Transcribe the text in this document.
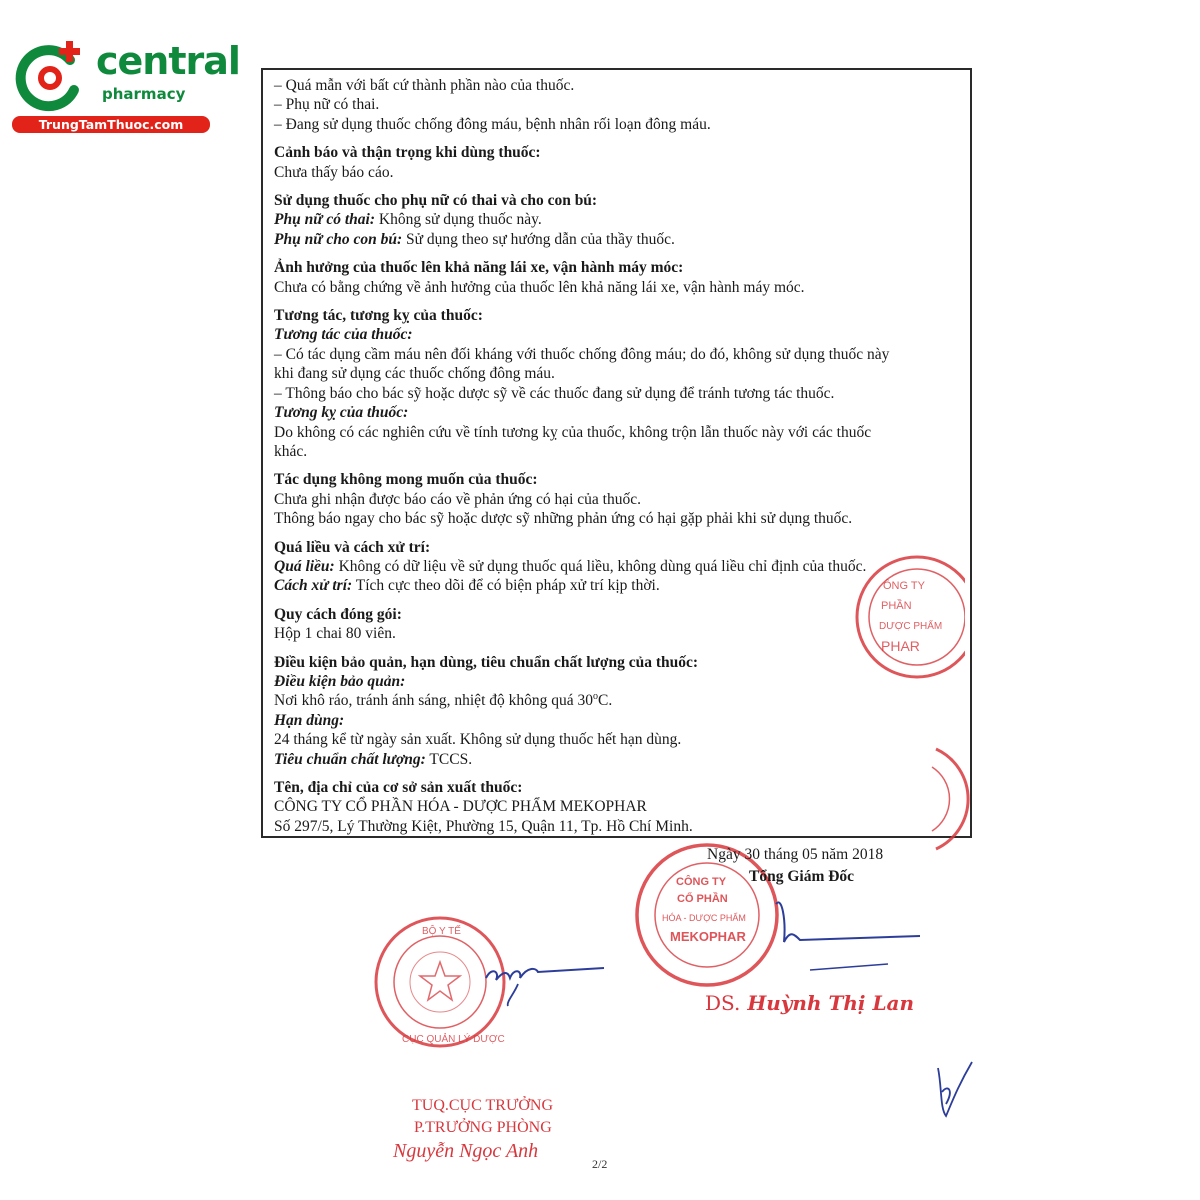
central
pharmacy
TrungTamThuoc.com
– Quá mẫn với bất cứ thành phần nào của thuốc.
– Phụ nữ có thai.
– Đang sử dụng thuốc chống đông máu, bệnh nhân rối loạn đông máu.
Cảnh báo và thận trọng khi dùng thuốc:
Chưa thấy báo cáo.
Sử dụng thuốc cho phụ nữ có thai và cho con bú:
Phụ nữ có thai: Không sử dụng thuốc này.
Phụ nữ cho con bú: Sử dụng theo sự hướng dẫn của thầy thuốc.
Ảnh hưởng của thuốc lên khả năng lái xe, vận hành máy móc:
Chưa có bằng chứng về ảnh hưởng của thuốc lên khả năng lái xe, vận hành máy móc.
Tương tác, tương kỵ của thuốc:
Tương tác của thuốc:
– Có tác dụng cầm máu nên đối kháng với thuốc chống đông máu; do đó, không sử dụng thuốc này
khi đang sử dụng các thuốc chống đông máu.
– Thông báo cho bác sỹ hoặc dược sỹ về các thuốc đang sử dụng để tránh tương tác thuốc.
Tương kỵ của thuốc:
Do không có các nghiên cứu về tính tương kỵ của thuốc, không trộn lẫn thuốc này với các thuốc
khác.
Tác dụng không mong muốn của thuốc:
Chưa ghi nhận được báo cáo về phản ứng có hại của thuốc.
Thông báo ngay cho bác sỹ hoặc dược sỹ những phản ứng có hại gặp phải khi sử dụng thuốc.
Quá liều và cách xử trí:
Quá liều: Không có dữ liệu về sử dụng thuốc quá liều, không dùng quá liều chỉ định của thuốc.
Cách xử trí: Tích cực theo dõi để có biện pháp xử trí kịp thời.
Quy cách đóng gói:
Hộp 1 chai 80 viên.
Điều kiện bảo quản, hạn dùng, tiêu chuẩn chất lượng của thuốc:
Điều kiện bảo quản:
Nơi khô ráo, tránh ánh sáng, nhiệt độ không quá 30$^o$C.
Hạn dùng:
24 tháng kể từ ngày sản xuất. Không sử dụng thuốc hết hạn dùng.
Tiêu chuẩn chất lượng: TCCS.
Tên, địa chỉ của cơ sở sản xuất thuốc:
CÔNG TY CỔ PHẦN HÓA - DƯỢC PHẨM MEKOPHAR
Số 297/5, Lý Thường Kiệt, Phường 15, Quận 11, Tp. Hồ Chí Minh.
ÔNG TY
PHẦN
DƯỢC PHẨM
PHAR
BỘ Y TẾ
CỤC QUẢN LÝ DƯỢC
CÔNG TY
CỔ PHẦN
HÓA - DƯỢC PHẨM
MEKOPHAR
Ngày 30 tháng 05 năm 2018
Tổng Giám Đốc
DS. Huỳnh Thị Lan
TUQ.CỤC TRƯỞNG
P.TRƯỞNG PHÒNG
Nguyễn Ngọc Anh
2/2
